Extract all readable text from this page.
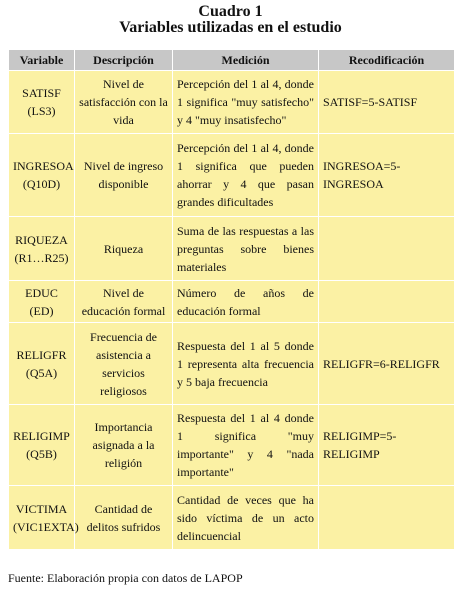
Cuadro 1
Variables utilizadas en el estudio
Variable	Descripción	Medición	Recodificación
SATISF (LS3)	Nivel de satisfacción con la vida	Percepción del 1 al 4, donde 1 significa "muy satisfecho" y 4 "muy insatisfecho"	SATISF=5-SATISF
INGRESOA (Q10D)	Nivel de ingreso disponible	Percepción del 1 al 4, donde 1 significa que pueden ahorrar y 4 que pasan grandes dificultades	INGRESOA=5-INGRESOA
RIQUEZA (R1…R25)	Riqueza	Suma de las respuestas a las preguntas sobre bienes materiales	
EDUC (ED)	Nivel de educación formal	Número de años de educación formal	
RELIGFR (Q5A)	Frecuencia de asistencia a servicios religiosos	Respuesta del 1 al 5 donde 1 representa alta frecuencia y 5 baja frecuencia	RELIGFR=6-RELIGFR
RELIGIMP (Q5B)	Importancia asignada a la religión	Respuesta del 1 al 4 donde 1 significa "muy importante" y 4 "nada importante"	RELIGIMP=5-RELIGIMP
VICTIMA (VIC1EXTA)	Cantidad de delitos sufridos	Cantidad de veces que ha sido víctima de un acto delincuencial	
Fuente: Elaboración propia con datos de LAPOP
